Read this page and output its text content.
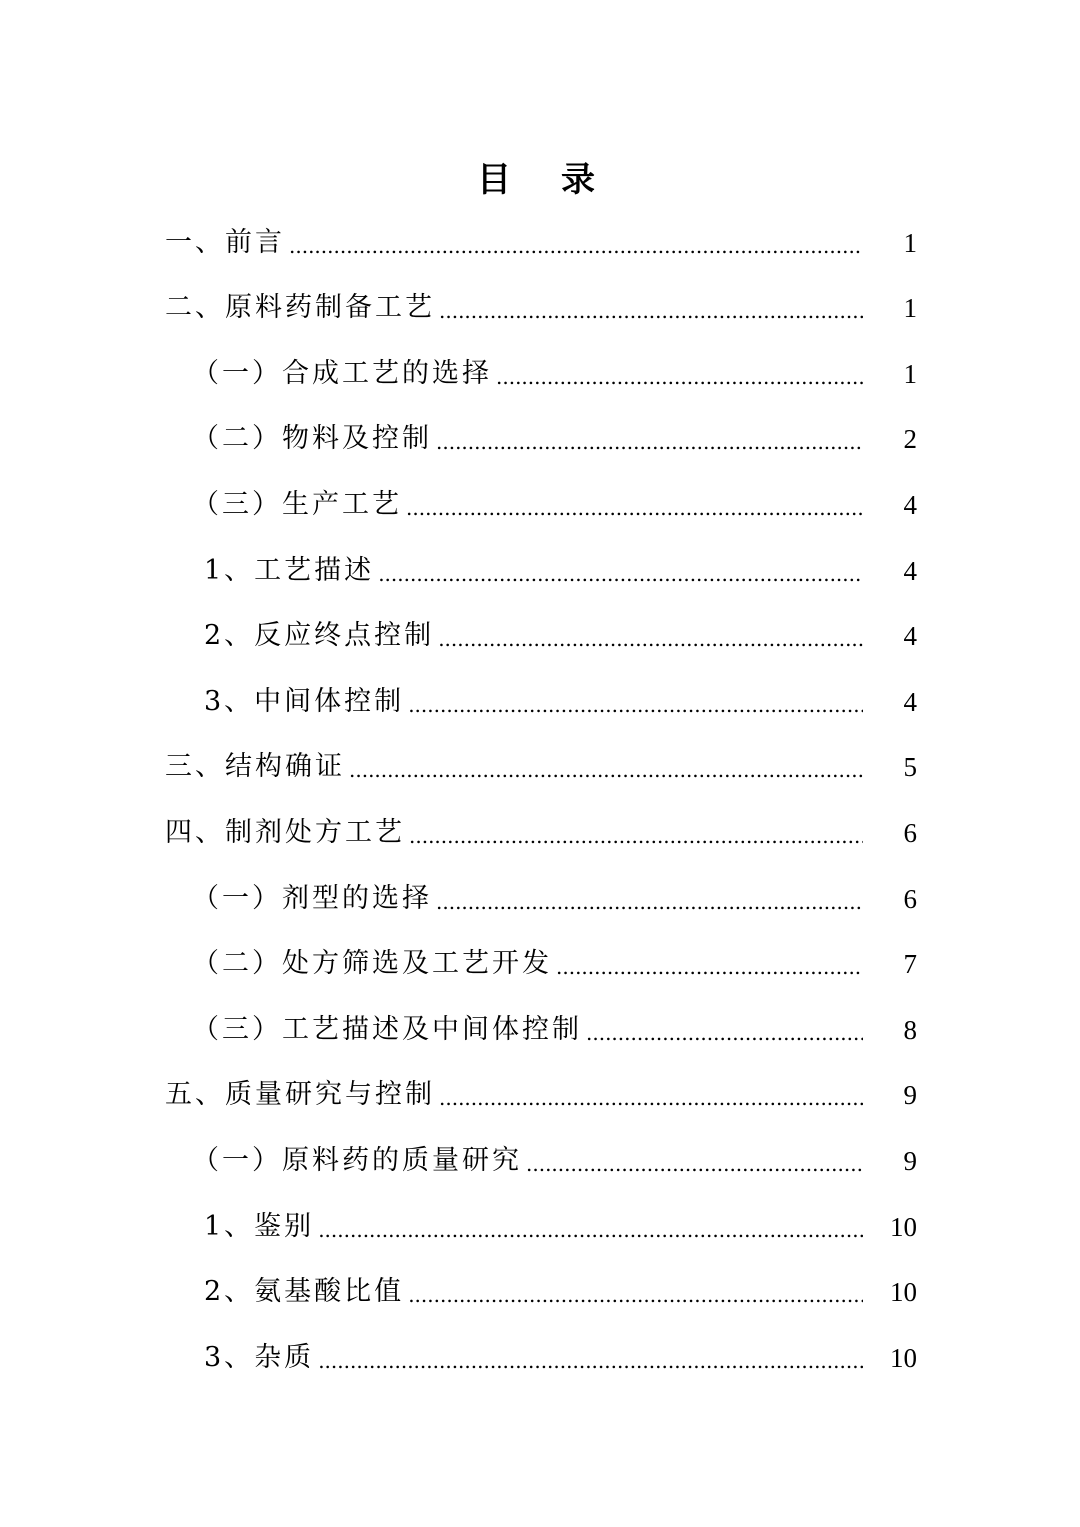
目　录
一、前言 .....	1
二、原料药制备工艺 .....	1
（一）合成工艺的选择 .....	1
（二）物料及控制 .....	2
（三）生产工艺 .....	4
1、工艺描述 .....	4
2、反应终点控制 .....	4
3、中间体控制 .....	4
三、结构确证 .....	5
四、制剂处方工艺 .....	6
（一）剂型的选择 .....	6
（二）处方筛选及工艺开发 .....	7
（三）工艺描述及中间体控制 .....	8
五、质量研究与控制 .....	9
（一）原料药的质量研究 .....	9
1、鉴别 .....	10
2、氨基酸比值 .....	10
3、杂质 .....	10
